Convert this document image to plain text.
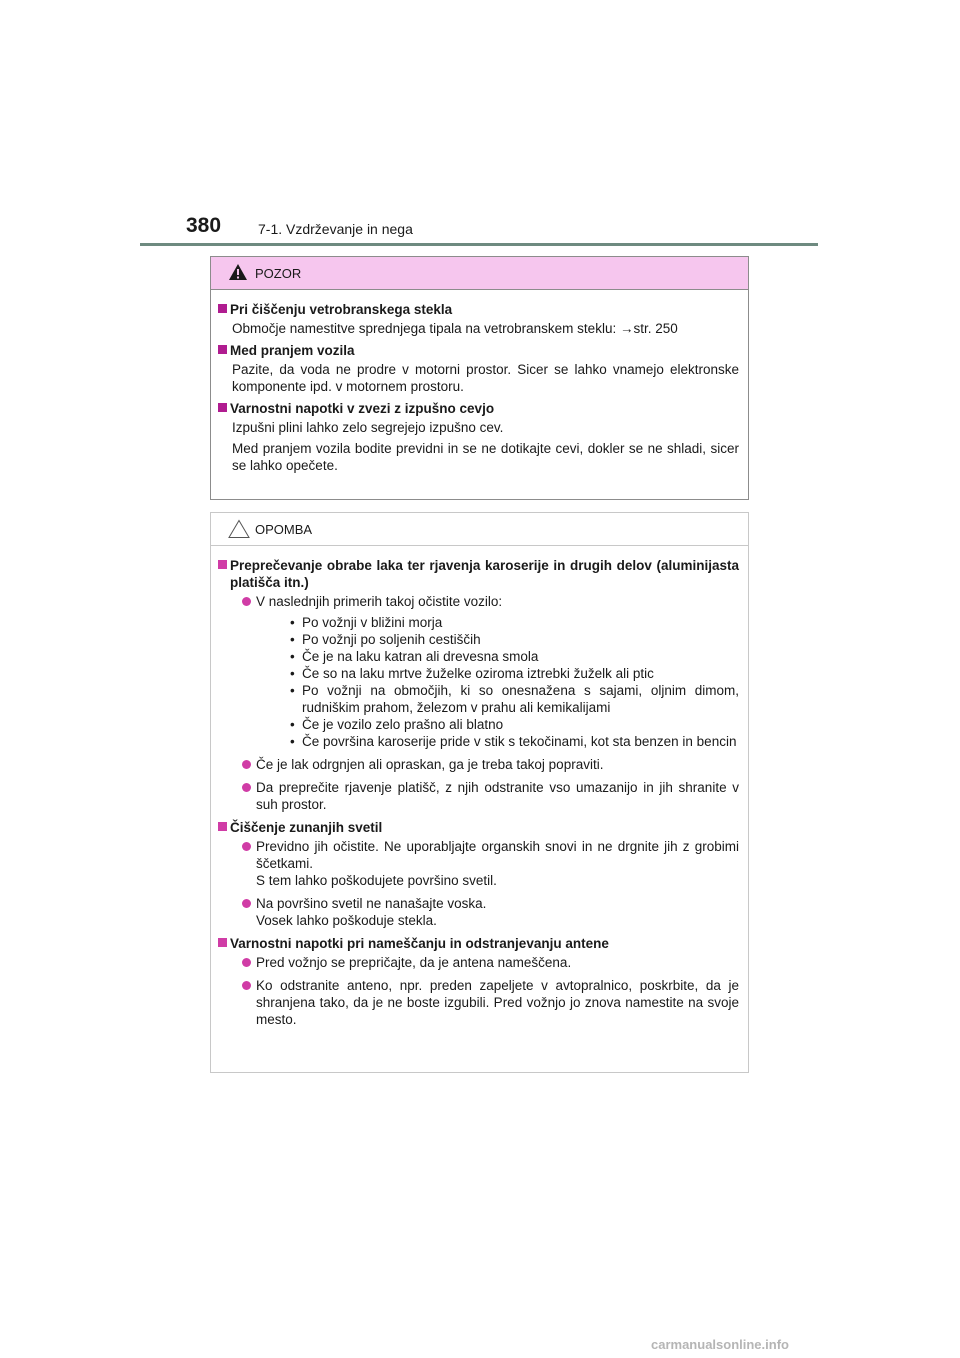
380	7-1. Vzdrževanje in nega
POZOR
Pri čiščenju vetrobranskega stekla
Območje namestitve sprednjega tipala na vetrobranskem steklu: →str. 250
Med pranjem vozila
Pazite, da voda ne prodre v motorni prostor. Sicer se lahko vnamejo elektronske komponente ipd. v motornem prostoru.
Varnostni napotki v zvezi z izpušno cevjo
Izpušni plini lahko zelo segrejejo izpušno cev.
Med pranjem vozila bodite previdni in se ne dotikajte cevi, dokler se ne shladi, sicer se lahko opečete.
OPOMBA
Preprečevanje obrabe laka ter rjavenja karoserije in drugih delov (aluminijasta platišča itn.)
V naslednjih primerih takoj očistite vozilo:
• Po vožnji v bližini morja
• Po vožnji po soljenih cestiščih
• Če je na laku katran ali drevesna smola
• Če so na laku mrtve žuželke oziroma iztrebki žuželk ali ptic
• Po vožnji na območjih, ki so onesnažena s sajami, oljnim dimom, rudniškim prahom, železom v prahu ali kemikalijami
• Če je vozilo zelo prašno ali blatno
• Če površina karoserije pride v stik s tekočinami, kot sta benzen in bencin
Če je lak odrgnjen ali opraskan, ga je treba takoj popraviti.
Da preprečite rjavenje platišč, z njih odstranite vso umazanijo in jih shranite v suh prostor.
Čiščenje zunanjih svetil
Previdno jih očistite. Ne uporabljajte organskih snovi in ne drgnite jih z grobimi ščetkami.
S tem lahko poškodujete površino svetil.
Na površino svetil ne nanašajte voska.
Vosek lahko poškoduje stekla.
Varnostni napotki pri nameščanju in odstranjevanju antene
Pred vožnjo se prepričajte, da je antena nameščena.
Ko odstranite anteno, npr. preden zapeljete v avtopralnico, poskrbite, da je shranjena tako, da je ne boste izgubili. Pred vožnjo jo znova namestite na svoje mesto.
carmanualsonline.info
